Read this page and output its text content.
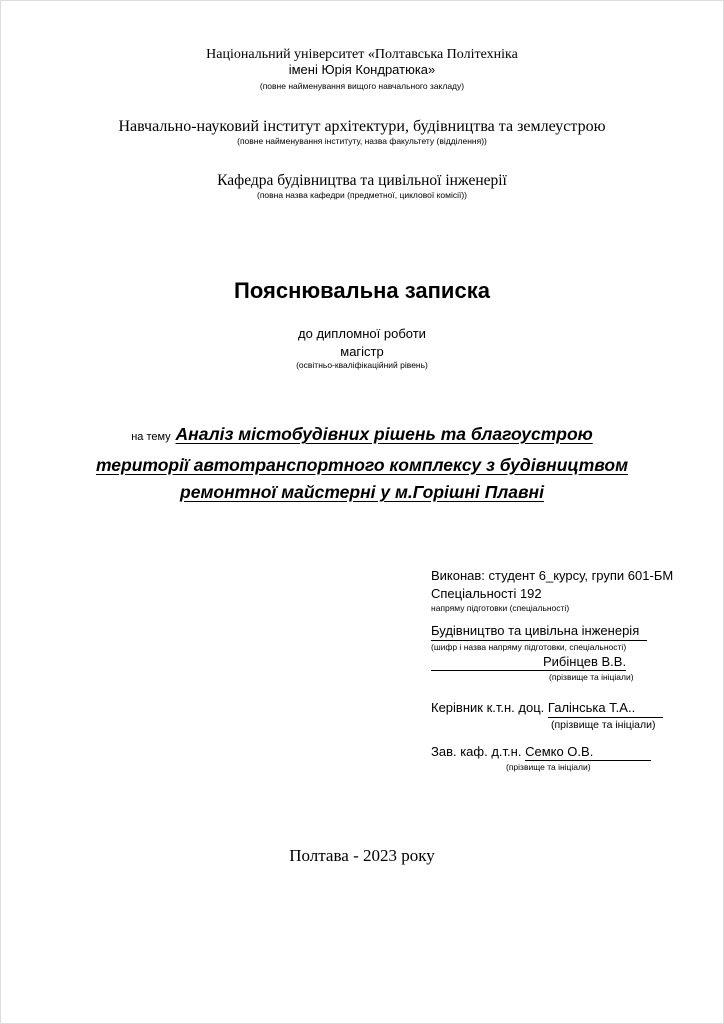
Національний університет «Полтавська Політехніка
імені Юрія Кондратюка»
(повне найменування вищого навчального закладу)
Навчально-науковий інститут архітектури, будівництва та землеустрою
(повне найменування інституту, назва факультету (відділення))
Кафедра будівництва та цивільної інженерії
(повна назва кафедри (предметної, циклової комісії))
Пояснювальна записка
до дипломної роботи
магістр
(освітньо-кваліфікаційний рівень)
на тему Аналіз містобудівних рішень та благоустрою
території автотранспортного комплексу з будівництвом
ремонтної майстерні у м.Горішні Плавні
Виконав: студент 6_курсу, групи 601-БМ
Спеціальності 192
напряму підготовки (спеціальності)
Будівництво та цивільна інженерія
(шифр і назва напряму підготовки, спеціальності)
Рибінцев В.В.
(прізвище та ініціали)
Керівник к.т.н. доц. Галінська Т.А..
(прізвище та ініціали)
Зав. каф. д.т.н. Семко О.В.
(прізвище та ініціали)
Полтава - 2023 року
